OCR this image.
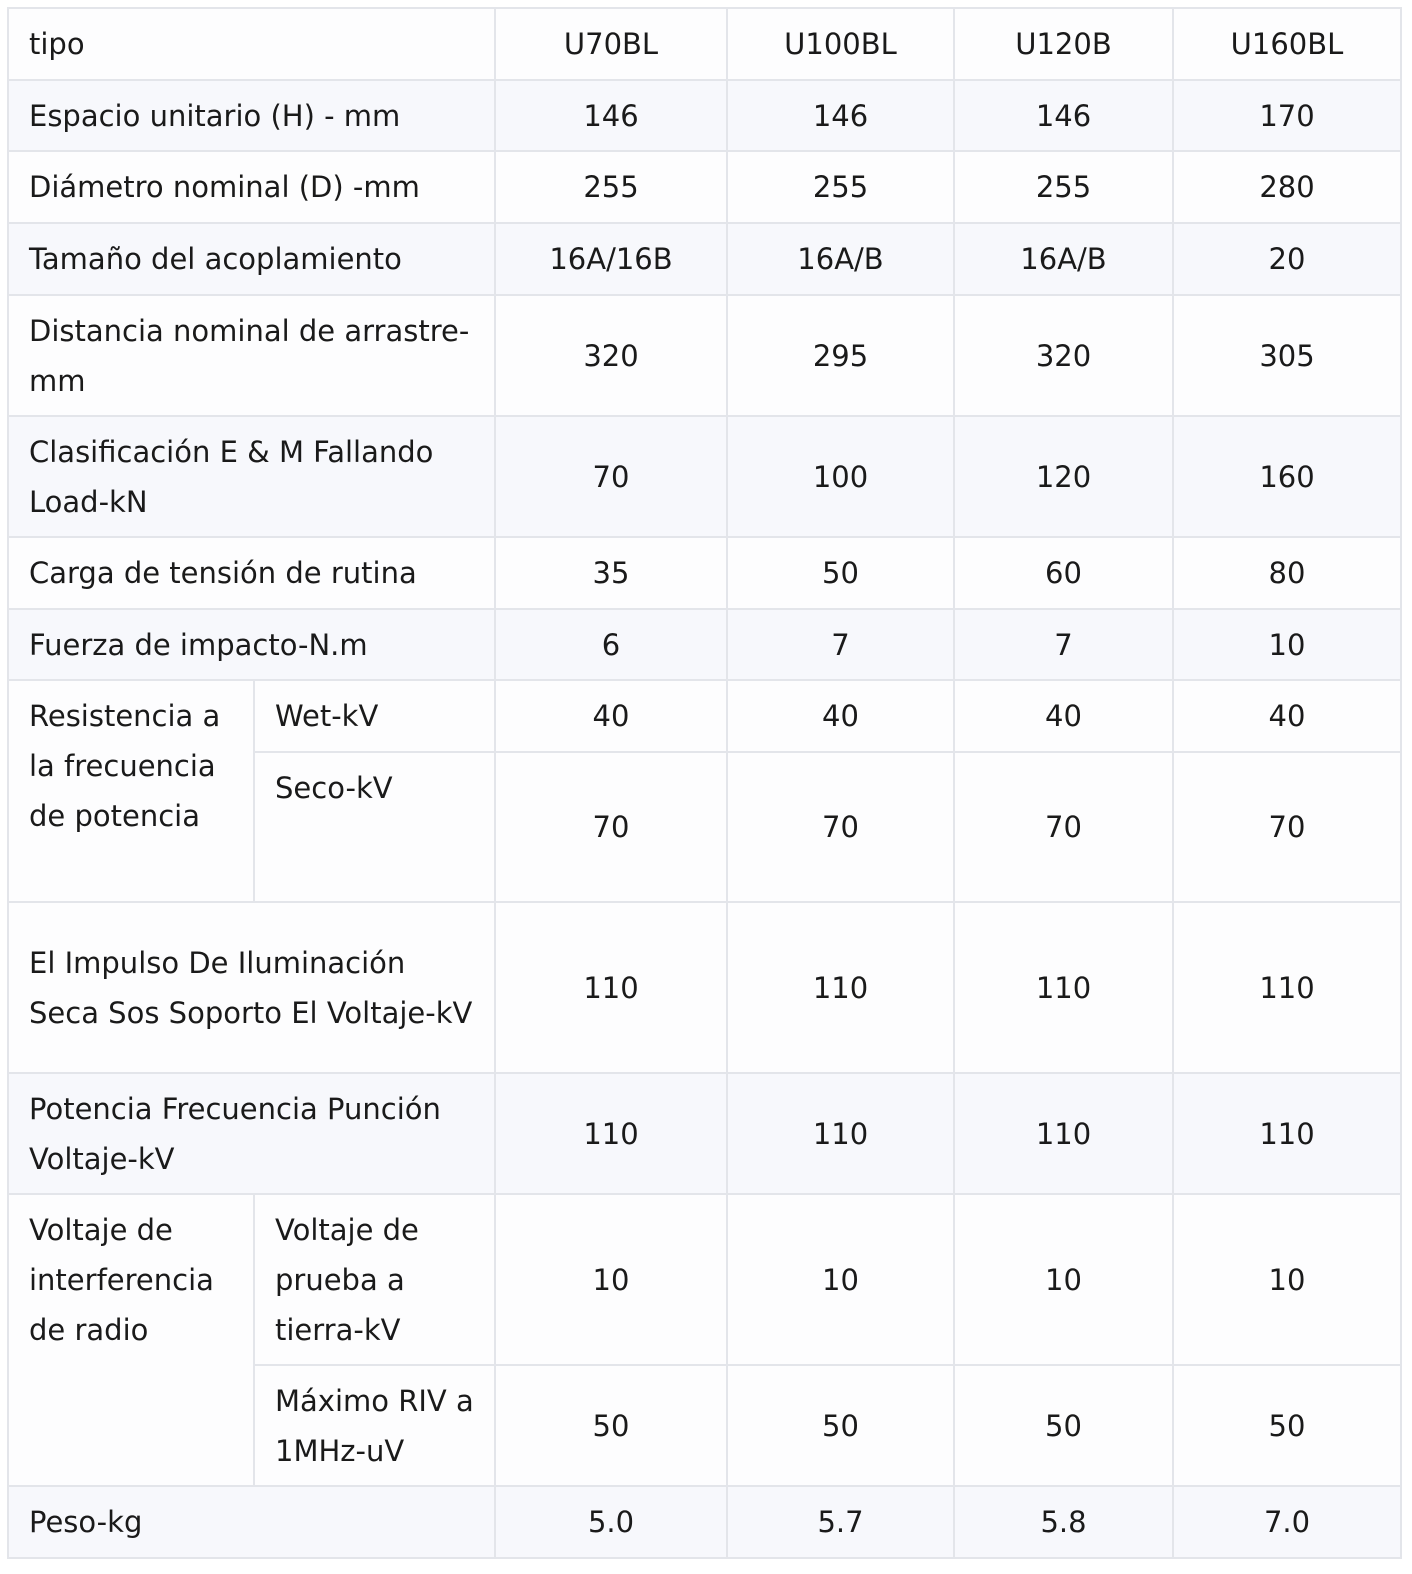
tipo		U70BL	U100BL	U120B	U160BL
Espacio unitario (H) - mm		146	146	146	170
Diámetro nominal (D) -mm		255	255	255	280
Tamaño del acoplamiento		16A/16B	16A/B	16A/B	20
Distancia nominal de arrastre-mm		320	295	320	305
Clasificación E & M Fallando Load-kN		70	100	120	160
Carga de tensión de rutina		35	50	60	80
Fuerza de impacto-N.m		6	7	7	10
Resistencia a la frecuencia de potencia	Wet-kV	40	40	40	40
	Seco-kV	70	70	70	70
El Impulso De Iluminación Seca Sos Soporto El Voltaje-kV		110	110	110	110
Potencia Frecuencia Punción Voltaje-kV		110	110	110	110
Voltaje de interferencia de radio	Voltaje de prueba a tierra-kV	10	10	10	10
	Máximo RIV a 1MHz-uV	50	50	50	50
Peso-kg		5.0	5.7	5.8	7.0
